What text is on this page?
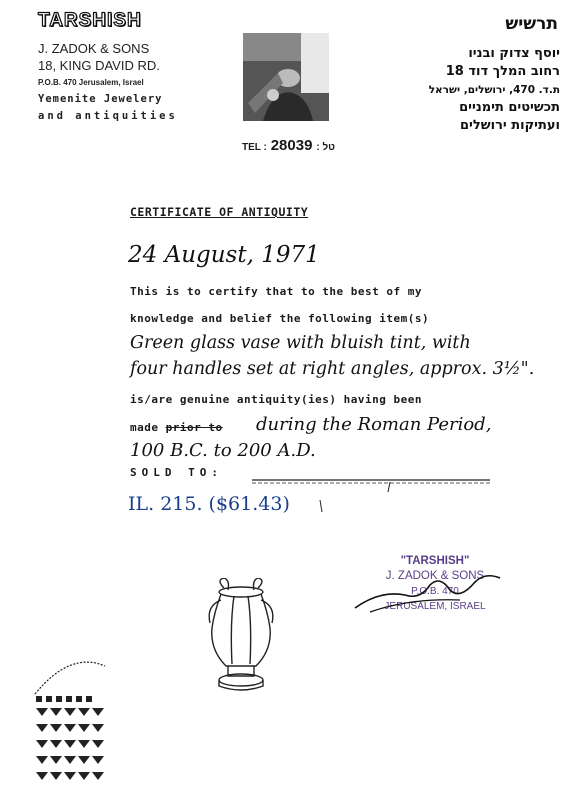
TARSHISH
J. ZADOK & SONS
18, KING DAVID RD.
P.O.B. 470 Jerusalem, Israel
Yemenite Jewelery
and antiquities
TEL : 28039 : טל
תרשיש
יוסף צדוק ובניו
רחוב המלך דוד 18
ת.ד. 470, ירושלים, ישראל
תכשיטים תימניים
ועתיקות ירושלים
CERTIFICATE OF ANTIQUITY
24 August, 1971
This is to certify that to the best of my
knowledge and belief the following item(s)
Green glass vase with bluish tint, with
four handles set at right angles, approx. 3½".
is/are genuine antiquity(ies) having been
made prior to during the Roman Period,
100 B.C. to 200 A.D.
SOLD TO:
IL. 215. ($61.43)
"TARSHISH"
J. ZADOK & SONS
P.O.B. 470
JERUSALEM, ISRAEL
